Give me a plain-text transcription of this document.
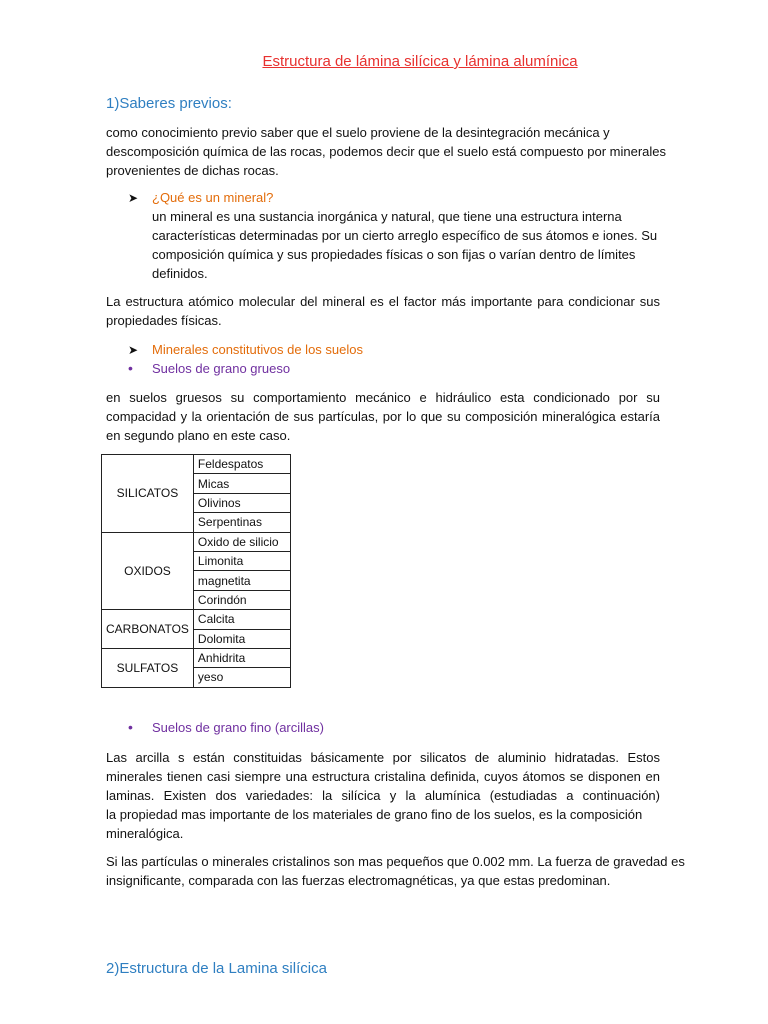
Estructura de lámina silícica y lámina alumínica
1)Saberes previos:
como conocimiento previo saber que el suelo proviene de la desintegración mecánica y
descomposición química de las rocas, podemos decir que el suelo está compuesto por minerales
provenientes de dichas rocas.
➤ ¿Qué es un mineral?
un mineral es una sustancia inorgánica y natural, que tiene una estructura interna
características determinadas por un cierto arreglo específico de sus átomos e iones. Su
composición química y sus propiedades físicas o son fijas o varían dentro de límites
definidos.
La estructura atómico molecular del mineral es el factor más importante para condicionar sus propiedades físicas.
➤ Minerales constitutivos de los suelos
• Suelos de grano grueso
en suelos gruesos su comportamiento mecánico e hidráulico esta condicionado por su compacidad y la orientación de sus partículas, por lo que su composición mineralógica estaría en segundo plano en este caso.
SILICATOS	Feldespatos
	Micas
	Olivinos
	Serpentinas
OXIDOS	Oxido de silicio
	Limonita
	magnetita
	Corindón
CARBONATOS	Calcita
	Dolomita
SULFATOS	Anhidrita
	yeso
• Suelos de grano fino (arcillas)

Las arcilla s están constituidas básicamente por silicatos de aluminio hidratadas. Estos minerales tienen casi siempre una estructura cristalina definida, cuyos átomos se disponen en laminas. Existen dos variedades: la silícica y la alumínica (estudiadas a continuación)

la propiedad mas importante de los materiales de grano fino de los suelos, es la composición mineralógica.

Si las partículas o minerales cristalinos son mas pequeños que 0.002 mm. La fuerza de gravedad es
insignificante, comparada con las fuerzas electromagnéticas, ya que estas predominan.
2)Estructura de la Lamina silícica
